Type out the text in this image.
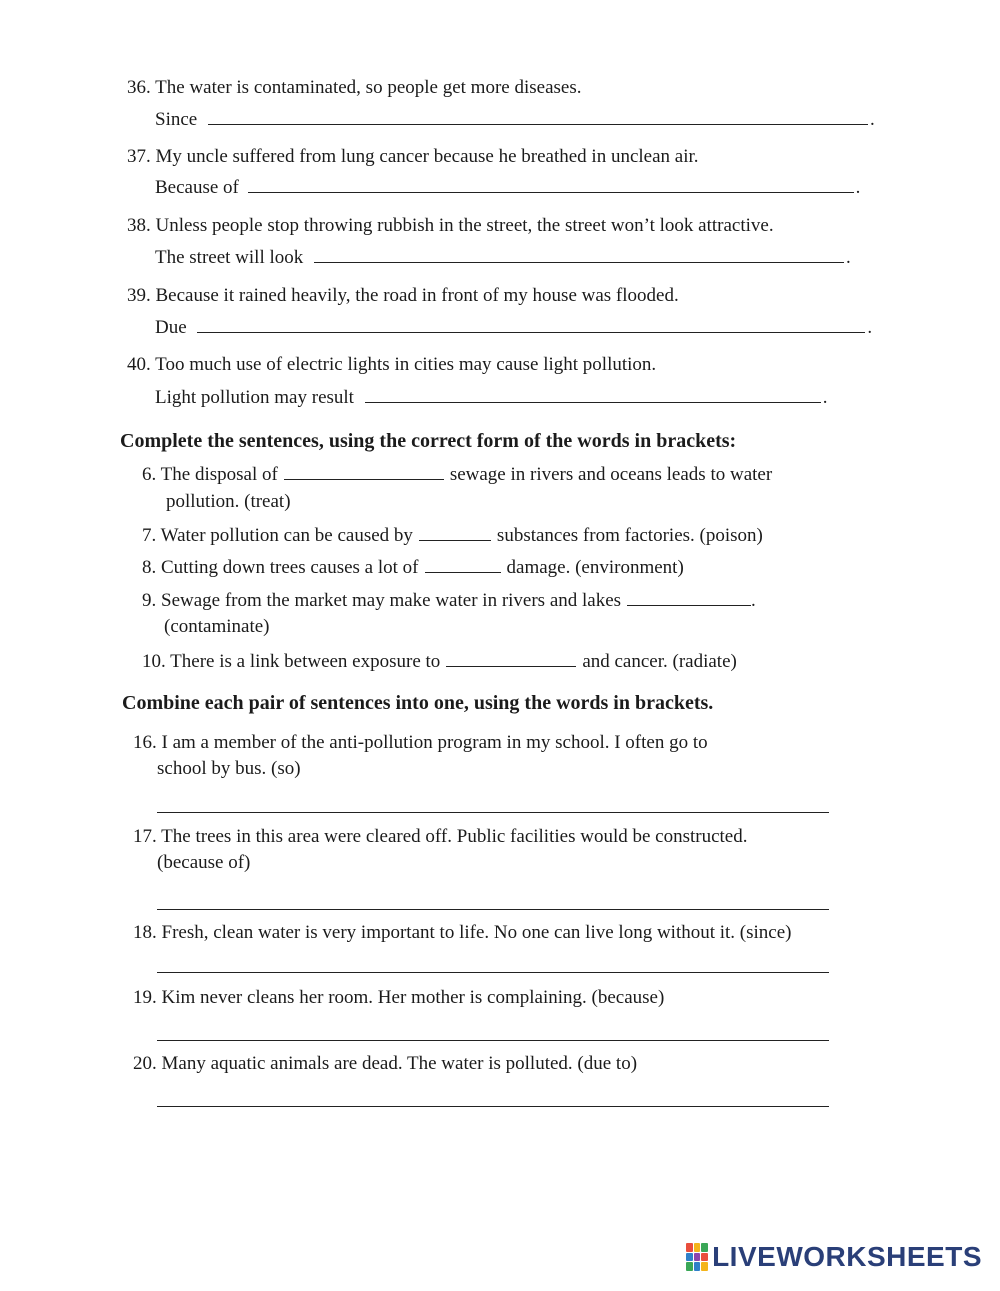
36. The water is contaminated, so people get more diseases.
Since	.
37. My uncle suffered from lung cancer because he breathed in unclean air.
Because of	.
38. Unless people stop throwing rubbish in the street, the street won’t look attractive.
The street will look	.
39. Because it rained heavily, the road in front of my house was flooded.
Due	.
40. Too much use of electric lights in cities may cause light pollution.
Light pollution may result	.
Complete the sentences, using the correct form of the words in brackets:
6. The disposal of	sewage in rivers and oceans leads to water
pollution. (treat)
7. Water pollution can be caused by	substances from factories. (poison)
8. Cutting down trees causes a lot of	damage. (environment)
9. Sewage from the market may make water in rivers and lakes	.
(contaminate)
10. There is a link between exposure to	and cancer. (radiate)
Combine each pair of sentences into one, using the words in brackets.
16. I am a member of the anti-pollution program in my school. I often go to
school by bus. (so)
17. The trees in this area were cleared off. Public facilities would be constructed.
(because of)
18. Fresh, clean water is very important to life. No one can live long without it. (since)
19. Kim never cleans her room. Her mother is complaining. (because)
20. Many aquatic animals are dead. The water is polluted. (due to)
LIVEWORKSHEETS
